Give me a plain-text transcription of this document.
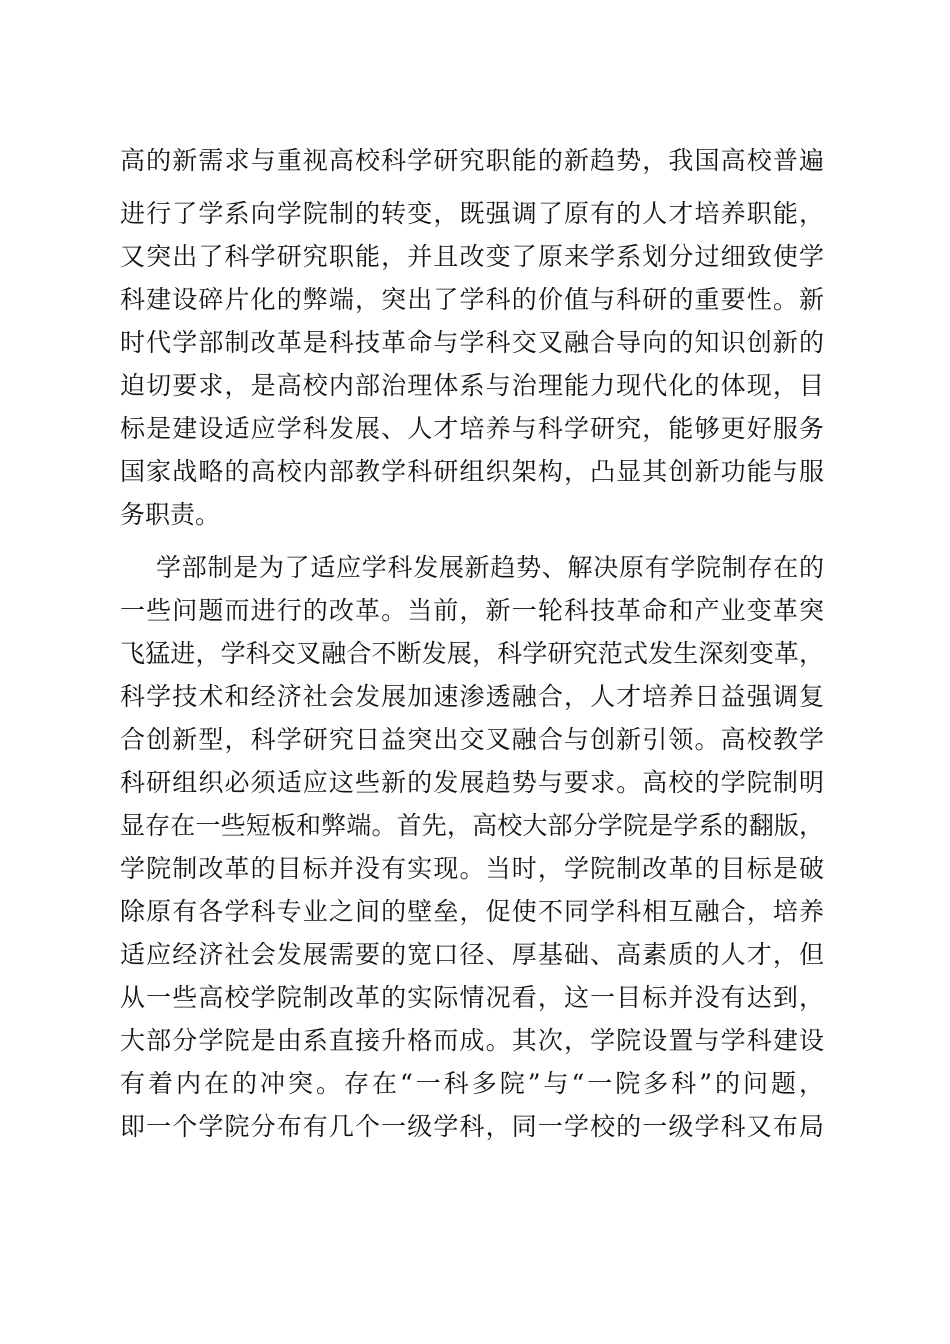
高的新需求与重视高校科学研究职能的新趋势，我国高校普遍
进行了学系向学院制的转变，既强调了原有的人才培养职能，
又突出了科学研究职能，并且改变了原来学系划分过细致使学
科建设碎片化的弊端，突出了学科的价值与科研的重要性。新
时代学部制改革是科技革命与学科交叉融合导向的知识创新的
迫切要求，是高校内部治理体系与治理能力现代化的体现，目
标是建设适应学科发展、人才培养与科学研究，能够更好服务
国家战略的高校内部教学科研组织架构，凸显其创新功能与服
务职责。
学部制是为了适应学科发展新趋势、解决原有学院制存在的
一些问题而进行的改革。当前，新一轮科技革命和产业变革突
飞猛进，学科交叉融合不断发展，科学研究范式发生深刻变革，
科学技术和经济社会发展加速渗透融合，人才培养日益强调复
合创新型，科学研究日益突出交叉融合与创新引领。高校教学
科研组织必须适应这些新的发展趋势与要求。高校的学院制明
显存在一些短板和弊端。首先，高校大部分学院是学系的翻版，
学院制改革的目标并没有实现。当时，学院制改革的目标是破
除原有各学科专业之间的壁垒，促使不同学科相互融合，培养
适应经济社会发展需要的宽口径、厚基础、高素质的人才，但
从一些高校学院制改革的实际情况看，这一目标并没有达到，
大部分学院是由系直接升格而成。其次，学院设置与学科建设
有着内在的冲突。存在“一科多院”与“一院多科”的问题，
即一个学院分布有几个一级学科，同一学校的一级学科又布局
